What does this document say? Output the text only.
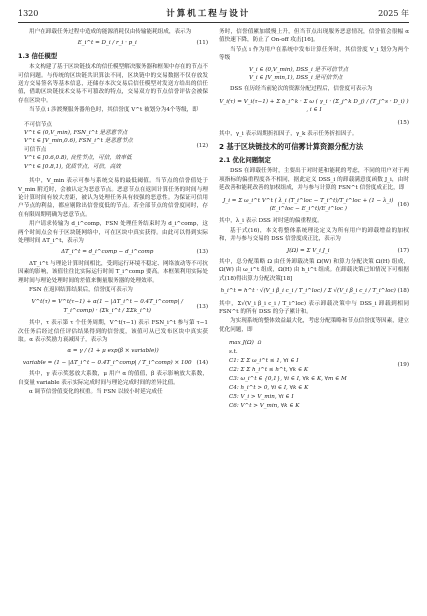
1320	计算机工程与设计	2025 年

用户在卸载任务过程中造成的能源消耗仅由传输能耗组成，表示为

E_i^t = D_i / r_i · p_i	(11)
1.3 信任模型

本文构建了基于区块链技术的信任模型解决服务器和框架中存在的节点不可信问题。与传统的区块链共识算法不同，区块链中的交易数据不仅存放发送方交易签名等基本信息，还储存本次交易后信任模型对发送方给出的信任值，借助区块链技术交易不可篡改的特点，交易双方的节点信誉评估会被保存在区块中。

当节点 i 涉渡聚服务器角色时，其信誉度 V^t 被划分为4个等级，即

不可信节点
V^t ∈ (0,V_min), FSN_i^t 是恶意节点
V^t ∈ [V_min,0.6), FSN_i^t 是恶意节点
可信节点
V^t ∈ [0.6,0.8), 良性节点，可信，效率低
V^t ∈ [0.8,1), 优质节点，可信，高效
(12)

其中，V_min 表示可参与系统交易的最低阈值。当节点的信誉值处于 V_min 附近时，会被认定为恶意节点。恶意节点在返回计算任务的时间与理论计算时间有较大差距，被认为处理任务具有较强的恶意性。为保证可信用户节点的利益，都应剔除出信誉度低的节点。若全部节点的信誉度同时，存在有限周期明确为恶意节点。

用户请求传输为 d_i^comp，FSN 处理任务结束时为 d_i^comp，这两个时间点会有于区块链网络中，可在区块中真实获得。由此可以得到实际处理时间 ΔT_i^t，表示为

ΔT_i^t = d_i^comp − d_i^comp	(13)

ΔT_i^t 与理论计算时间相比，受到运行环境不稳定、网络波动等不可抗因素的影响，该值往往比实际运行时间 T_i^comp 要高。本框架利用实际处理时间与理论处理时间的差值来衡量服务器的处理效率。

FSN 在返回结算结果后，信誉度可表示为

V^t(τ) = V^t(τ−1) + α(1 − |ΔT_i^t − 0.4T_i^comp| / T_i^comp) · (Σk_i^t / ΣΣk_i^t)
(13)

其中，τ 表示第 τ 个任务周期，V^t(τ−1) 表示 FSN_i^t 参与第 τ−1 次任务后经过信任评估结果得到的信誉度，该值可从已发布区块中真实获取。α 表示奖励力衰减因子，表示为

α = γ / (1 + μ exp(β × variable))
variable = (1 − |ΔT_i^t − 0.4T_i^comp| / T_i^comp) × 100 (14)

其中，γ 表示奖惩放大系数，μ 用户 α 的值值，β 表示影响放大系数，自变量 variable 表示实际完成时间与理论完成时间的差异比值。

α 调节信誉值变化的权重。当 FSN 以较小时延完成任

务时，信誉值累加缓慢上升，但当节点出现服务恶意情况，信誉值会很幅 α 值快速下降，防止了 On-off 攻击[16]。

当节点 i 作为用户在系统中发布计算任务时，其信誉度 V_i 划分为两个等级

V_i ∈ (0,V_min), DSS_i 是不可信节点
V_i ∈ [V_min,1), DSS_i 是可信节点

DSS 在历经当前轮次的资源分配过程后，信誉度可表示为

V_i(τ) = V_i(τ−1) + Σ b_i^k · Σ ω ( γ_i · (Σ_j^k D_j) / (T_j^s · D_i) ) , i ∈ I
(15)

其中，γ_i 表示周期折扣因子，γ_k 表示任务折扣因子。

2 基于区块链技术的可信雾计算资源分配方法
2.1 优化问题制定

DSS 在卸载任务时，主要出于对时延和能耗的考虑，不同的用户对于两项指标的偏重程度各不相同，据此定义 DSS_i 的卸载满意度函数 J_i，由时延改善和能耗改善的加权组成，并与参与计算的 FSN^t 信誉度成正比，即

J_i = Σ ω_i^t V^t ( λ_i (T_i^loc − T_i^t)/T_i^loc + (1 − λ_i) (E_i^loc − E_i^t)/E_i^loc )
(16)

其中，λ_i 表示 DSS 对时延的偏重程度。

基于式(16)，本文将整体系统理论定义为所有用户的卸载增益的加权和，并与参与交易的 DSS 信誉度成正比，表示为

J(Ω) = Σ V_i J_i	(17)

其中，总分配策略 Ω 由任务卸载决策 Ω(W) 和算力分配决策 Ω(H) 组成，Ω(W) 由 ω_i^t 组成，Ω(H) 由 h_i^t 组成。在卸载决策已知情况下可根据式(18)得出算力分配决策[18]

h_i^t = h^t · √(V_i β_i c_i / T_i^loc) / Σ √(V_i β_i c_i / T_i^loc) (18)

其中，Σ√(V_i β_i c_i / T_i^loc) 表示卸载决策中与 DSS_i 卸载到相同 FSN^t 的所有 DSS 的分子累计和。

为实现系统的整体效益最大化，考虑分配策略和节点信誉度等因素，建立优化问题，即

max J(Ω) Ω
s.t.
C1: Σ Σ ω_i^t ≤ 1, ∀i ∈ I
C2: Σ Σ h_i^t ≤ h^t, ∀k ∈ K
C3: ω_i^t ∈ {0,1}, ∀i ∈ I, ∀k ∈ K, ∀m ∈ M
C4: h_i^t > 0, ∀i ∈ I, ∀k ∈ K
C5: V_i > V_min, ∀i ∈ I
C6: V^t > V_min, ∀k ∈ K
(19)
